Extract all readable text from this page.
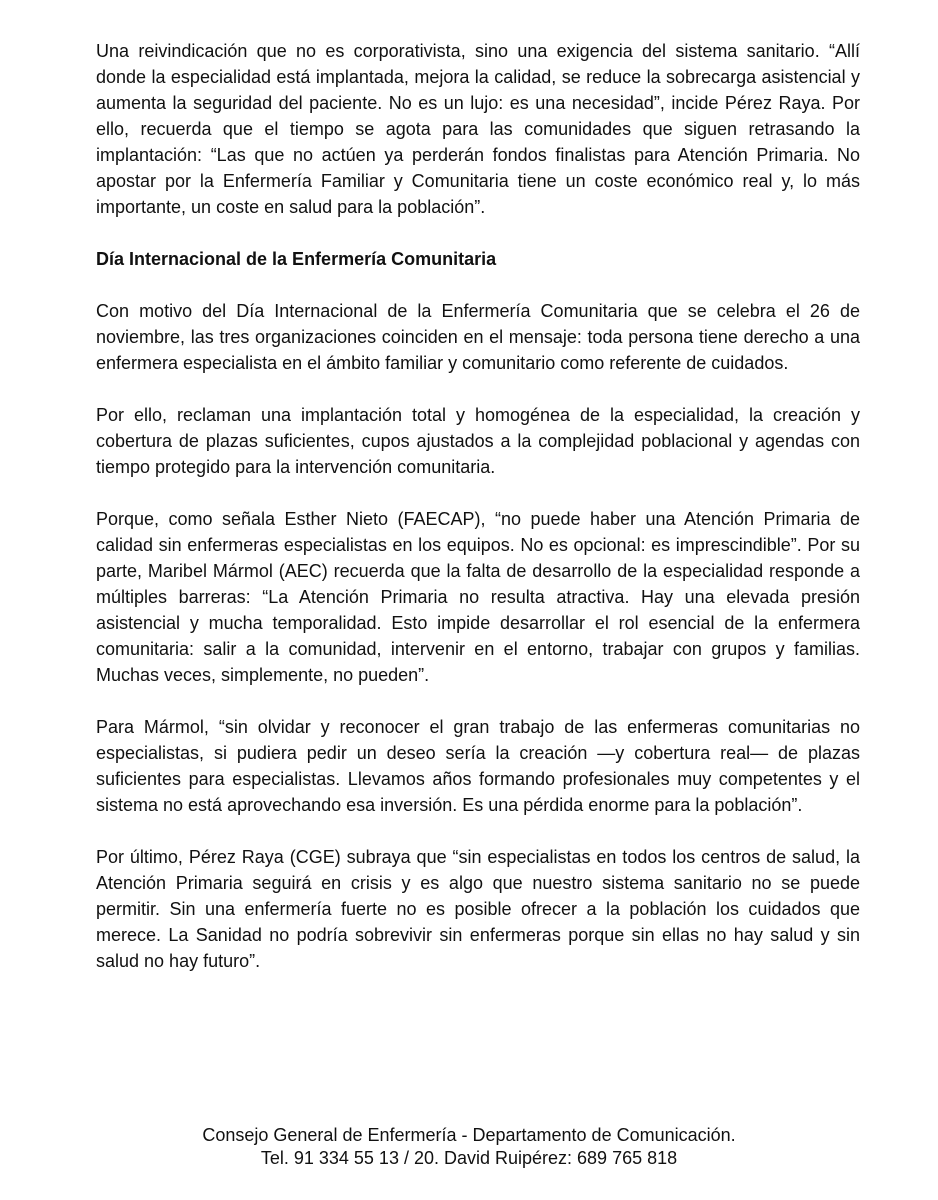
Una reivindicación que no es corporativista, sino una exigencia del sistema sanitario. “Allí donde la especialidad está implantada, mejora la calidad, se reduce la sobrecarga asistencial y aumenta la seguridad del paciente. No es un lujo: es una necesidad”, incide Pérez Raya. Por ello, recuerda que el tiempo se agota para las comunidades que siguen retrasando la implantación: “Las que no actúen ya perderán fondos finalistas para Atención Primaria. No apostar por la Enfermería Familiar y Comunitaria tiene un coste económico real y, lo más importante, un coste en salud para la población”.

Día Internacional de la Enfermería Comunitaria

Con motivo del Día Internacional de la Enfermería Comunitaria que se celebra el 26 de noviembre, las tres organizaciones coinciden en el mensaje: toda persona tiene derecho a una enfermera especialista en el ámbito familiar y comunitario como referente de cuidados.

Por ello, reclaman una implantación total y homogénea de la especialidad, la creación y cobertura de plazas suficientes, cupos ajustados a la complejidad poblacional y agendas con tiempo protegido para la intervención comunitaria.

Porque, como señala Esther Nieto (FAECAP), “no puede haber una Atención Primaria de calidad sin enfermeras especialistas en los equipos. No es opcional: es imprescindible”. Por su parte, Maribel Mármol (AEC) recuerda que la falta de desarrollo de la especialidad responde a múltiples barreras: “La Atención Primaria no resulta atractiva. Hay una elevada presión asistencial y mucha temporalidad. Esto impide desarrollar el rol esencial de la enfermera comunitaria: salir a la comunidad, intervenir en el entorno, trabajar con grupos y familias. Muchas veces, simplemente, no pueden”.

Para Mármol, “sin olvidar y reconocer el gran trabajo de las enfermeras comunitarias no especialistas, si pudiera pedir un deseo sería la creación —y cobertura real— de plazas suficientes para especialistas. Llevamos años formando profesionales muy competentes y el sistema no está aprovechando esa inversión. Es una pérdida enorme para la población”.

Por último, Pérez Raya (CGE) subraya que “sin especialistas en todos los centros de salud, la Atención Primaria seguirá en crisis y es algo que nuestro sistema sanitario no se puede permitir. Sin una enfermería fuerte no es posible ofrecer a la población los cuidados que merece. La Sanidad no podría sobrevivir sin enfermeras porque sin ellas no hay salud y sin salud no hay futuro”.

Consejo General de Enfermería - Departamento de Comunicación.
Tel. 91 334 55 13 / 20. David Ruipérez: 689 765 818
